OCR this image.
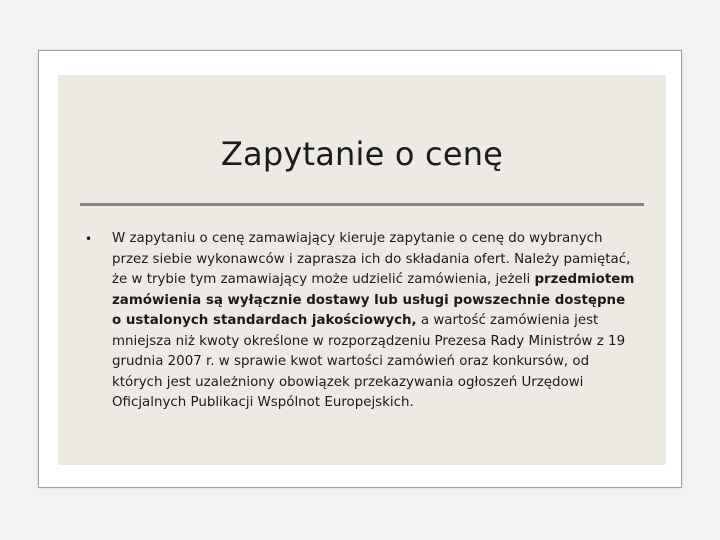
Zapytanie o cenę
• W zapytaniu o cenę zamawiający kieruje zapytanie o cenę do wybranych przez siebie wykonawców i zaprasza ich do składania ofert. Należy pamiętać, że w trybie tym zamawiający może udzielić zamówienia, jeżeli przedmiotem zamówienia są wyłącznie dostawy lub usługi powszechnie dostępne o ustalonych standardach jakościowych, a wartość zamówienia jest mniejsza niż kwoty określone w rozporządzeniu Prezesa Rady Ministrów z 19 grudnia 2007 r. w sprawie kwot wartości zamówień oraz konkursów, od których jest uzależniony obowiązek przekazywania ogłoszeń Urzędowi Oficjalnych Publikacji Wspólnot Europejskich.
